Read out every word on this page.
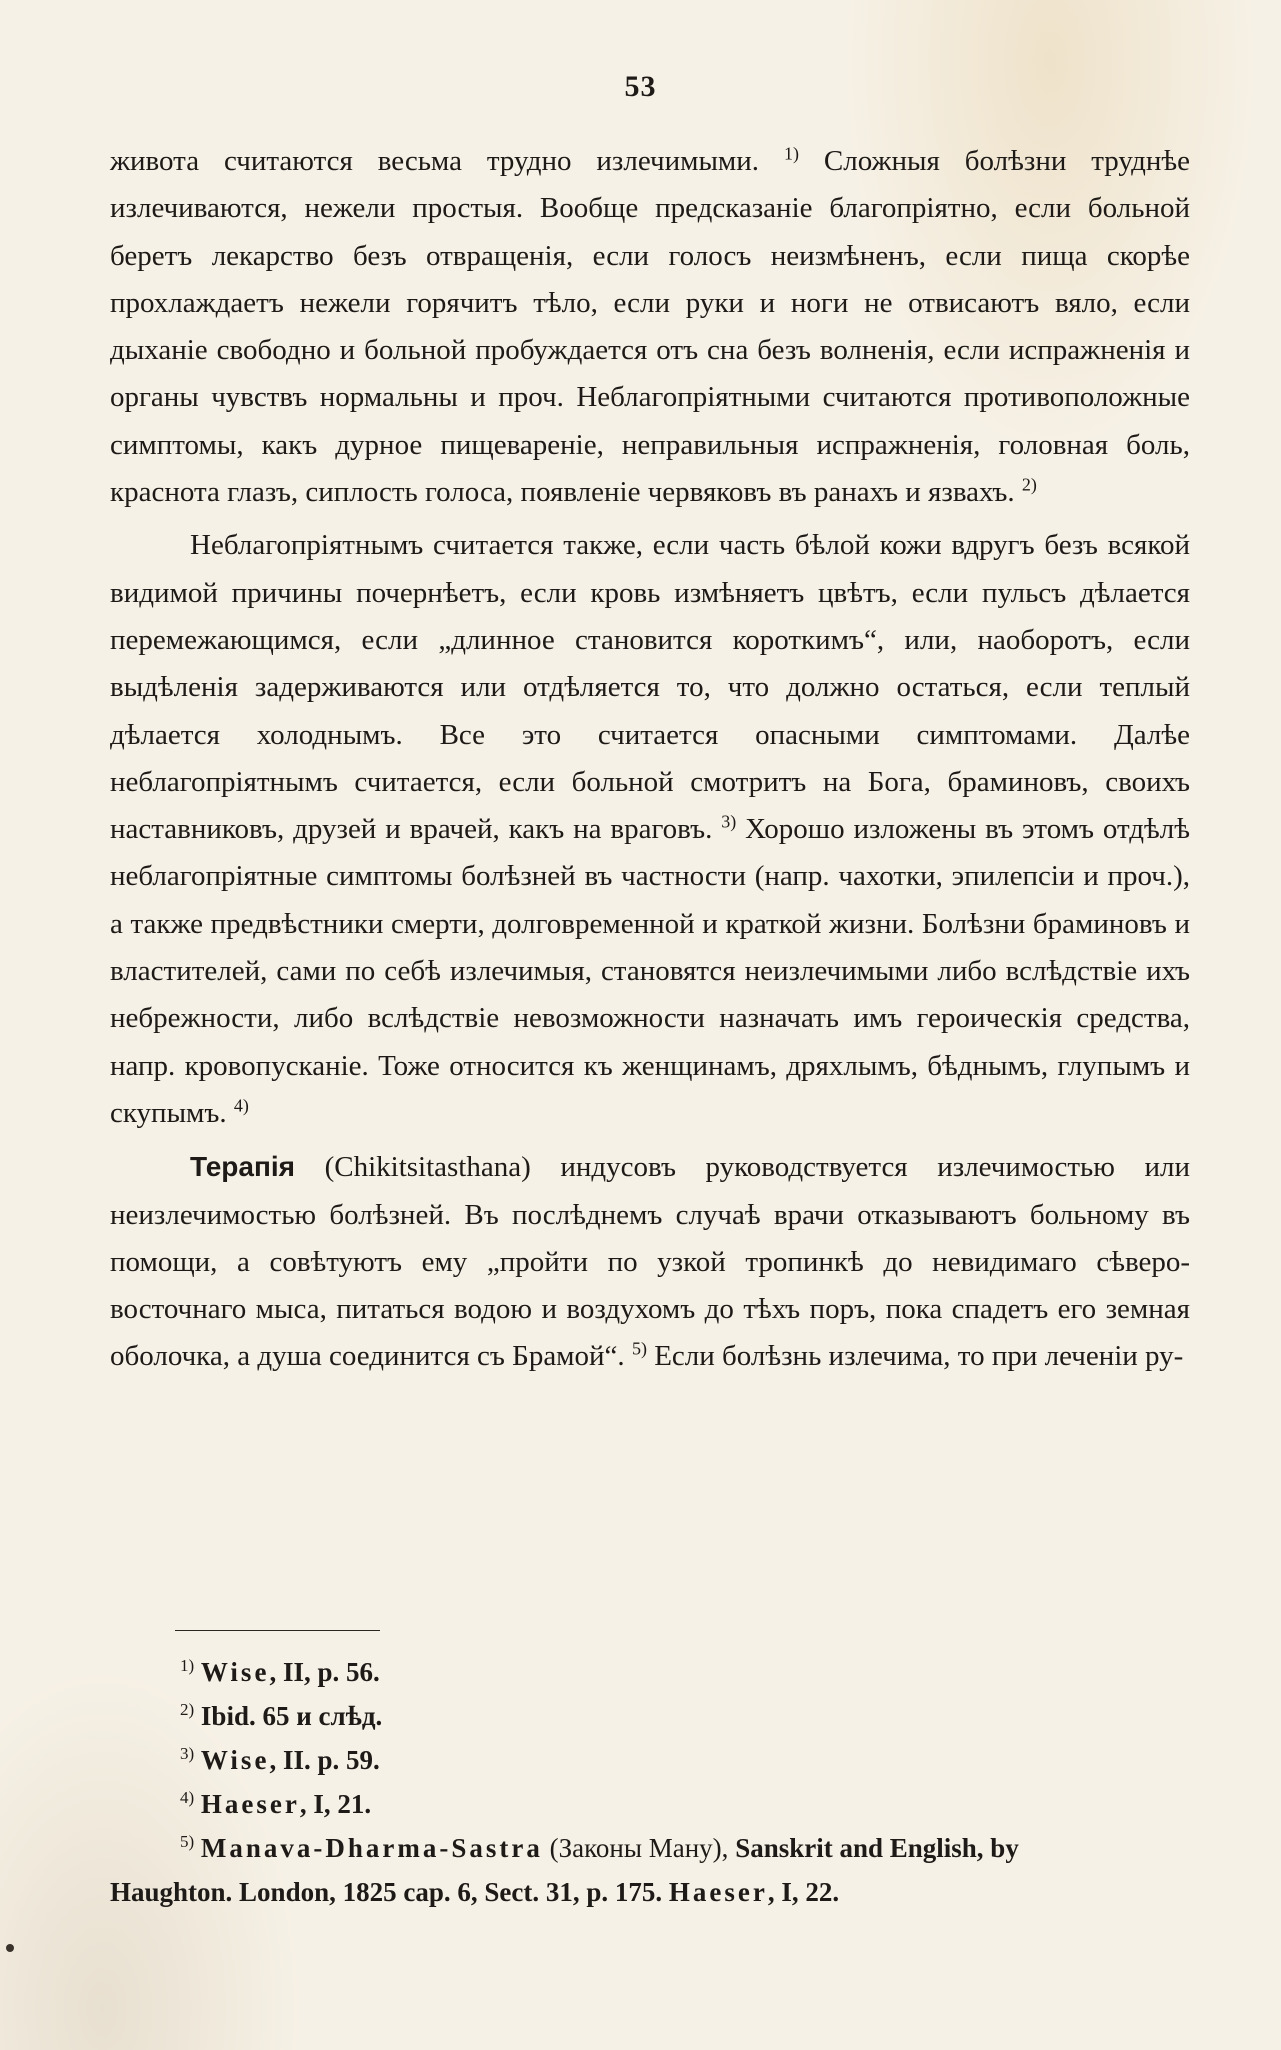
53

живота считаются весьма трудно излечимыми. $^{1)}$ Сложныя болѣзни труднѣе излечиваются, нежели простыя. Вообще предсказаніе благопріятно, если больной беретъ лекарство безъ отвращенія, если голосъ неизмѣненъ, если пища скорѣе прохлаждаетъ нежели горячитъ тѣло, если руки и ноги не отвисаютъ вяло, если дыханіе свободно и больной пробуждается отъ сна безъ волненія, если испражненія и органы чувствъ нормальны и проч. Неблагопріятными считаются противоположные симптомы, какъ дурное пищевареніе, неправильныя испражненія, головная боль, краснота глазъ, сиплость голоса, появленіе червяковъ въ ранахъ и язвахъ. $^{2)}$

Неблагопріятнымъ считается также, если часть бѣлой кожи вдругъ безъ всякой видимой причины почернѣетъ, если кровь измѣняетъ цвѣтъ, если пульсъ дѣлается перемежающимся, если „длинное становится короткимъ“, или, наоборотъ, если выдѣленія задерживаются или отдѣляется то, что должно остаться, если теплый дѣлается холоднымъ. Все это считается опасными симптомами. Далѣе неблагопріятнымъ считается, если больной смотритъ на Бога, браминовъ, своихъ наставниковъ, друзей и врачей, какъ на враговъ. $^{3)}$ Хорошо изложены въ этомъ отдѣлѣ неблагопріятные симптомы болѣзней въ частности (напр. чахотки, эпилепсіи и проч.), а также предвѣстники смерти, долговременной и краткой жизни. Болѣзни браминовъ и властителей, сами по себѣ излечимыя, становятся неизлечимыми либо вслѣдствіе ихъ небрежности, либо вслѣдствіе невозможности назначать имъ героическія средства, напр. кровопусканіе. Тоже относится къ женщинамъ, дряхлымъ, бѣднымъ, глупымъ и скупымъ. $^{4)}$

Терапія (Chikitsitasthana) индусовъ руководствуется излечимостью или неизлечимостью болѣзней. Въ послѣднемъ случаѣ врачи отказываютъ больному въ помощи, а совѣтуютъ ему „пройти по узкой тропинкѣ до невидимаго сѣверо-восточнаго мыса, питаться водою и воздухомъ до тѣхъ поръ, пока спадетъ его земная оболочка, а душа соединится съ Брамой“. $^{5)}$ Если болѣзнь излечима, то при леченіи ру-

$^{1)}$ Wise, II, p. 56.
$^{2)}$ Ibid. 65 и слѣд.
$^{3)}$ Wise, II. p. 59.
$^{4)}$ Haeser, I, 21.
$^{5)}$ Manava-Dharma-Sastra (Законы Ману), Sanskrit and English, by
Haughton. London, 1825 cap. 6, Sect. 31, p. 175. Haeser, I, 22.
